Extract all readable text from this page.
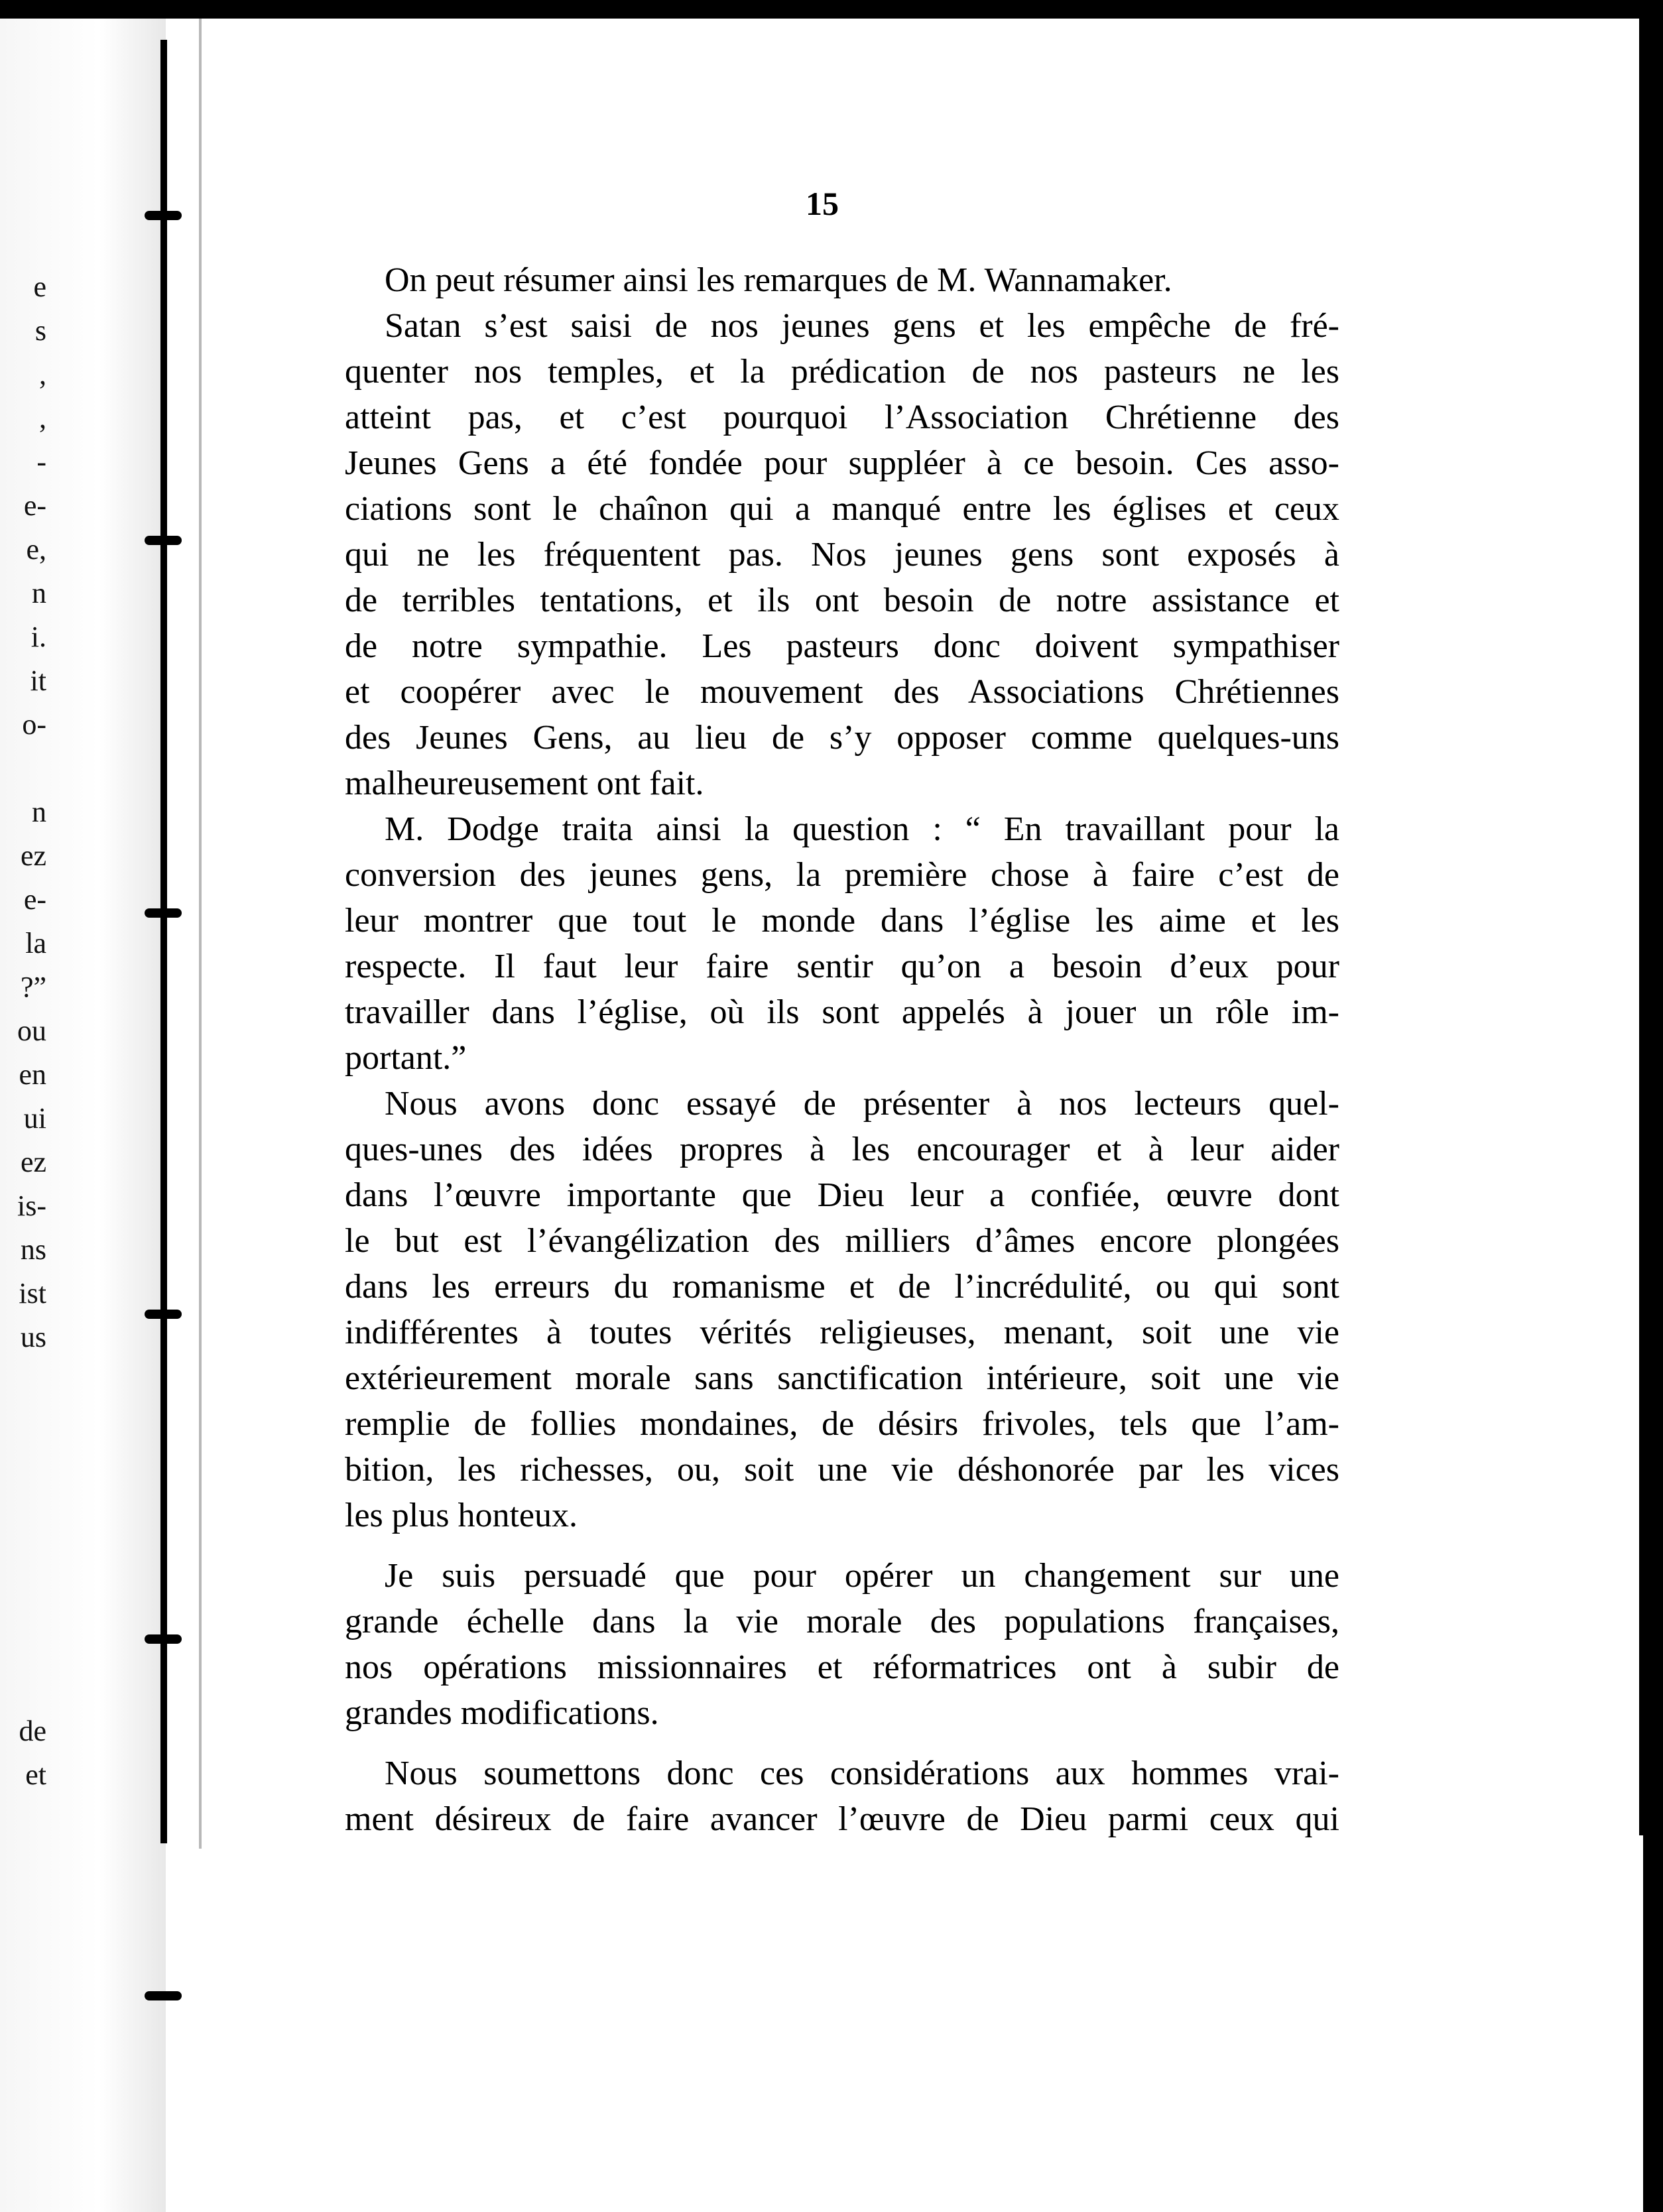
e
s
,
,
-
e-
e,
n
i.
it
o-
n
ez
e-
la
?”
ou
en
ui
ez
is-
ns
ist
us
de
et
15
On peut résumer ainsi les remarques de M. Wannamaker.
Satan s’est saisi de nos jeunes gens et les empêche de fré-
quenter nos temples, et la prédication de nos pasteurs ne les
atteint pas, et c’est pourquoi l’Association Chrétienne des
Jeunes Gens a été fondée pour suppléer à ce besoin. Ces asso-
ciations sont le chaînon qui a manqué entre les églises et ceux
qui ne les fréquentent pas. Nos jeunes gens sont exposés à
de terribles tentations, et ils ont besoin de notre assistance et
de notre sympathie. Les pasteurs donc doivent sympathiser
et coopérer avec le mouvement des Associations Chrétiennes
des Jeunes Gens, au lieu de s’y opposer comme quelques-uns
malheureusement ont fait.
M. Dodge traita ainsi la question : “ En travaillant pour la
conversion des jeunes gens, la première chose à faire c’est de
leur montrer que tout le monde dans l’église les aime et les
respecte. Il faut leur faire sentir qu’on a besoin d’eux pour
travailler dans l’église, où ils sont appelés à jouer un rôle im-
portant.”
Nous avons donc essayé de présenter à nos lecteurs quel-
ques-unes des idées propres à les encourager et à leur aider
dans l’œuvre importante que Dieu leur a confiée, œuvre dont
le but est l’évangélization des milliers d’âmes encore plongées
dans les erreurs du romanisme et de l’incrédulité, ou qui sont
indifférentes à toutes vérités religieuses, menant, soit une vie
extérieurement morale sans sanctification intérieure, soit une vie
remplie de follies mondaines, de désirs frivoles, tels que l’am-
bition, les richesses, ou, soit une vie déshonorée par les vices
les plus honteux.
Je suis persuadé que pour opérer un changement sur une
grande échelle dans la vie morale des populations françaises,
nos opérations missionnaires et réformatrices ont à subir de
grandes modifications.
Nous soumettons donc ces considérations aux hommes vrai-
ment désireux de faire avancer l’œuvre de Dieu parmi ceux qui
